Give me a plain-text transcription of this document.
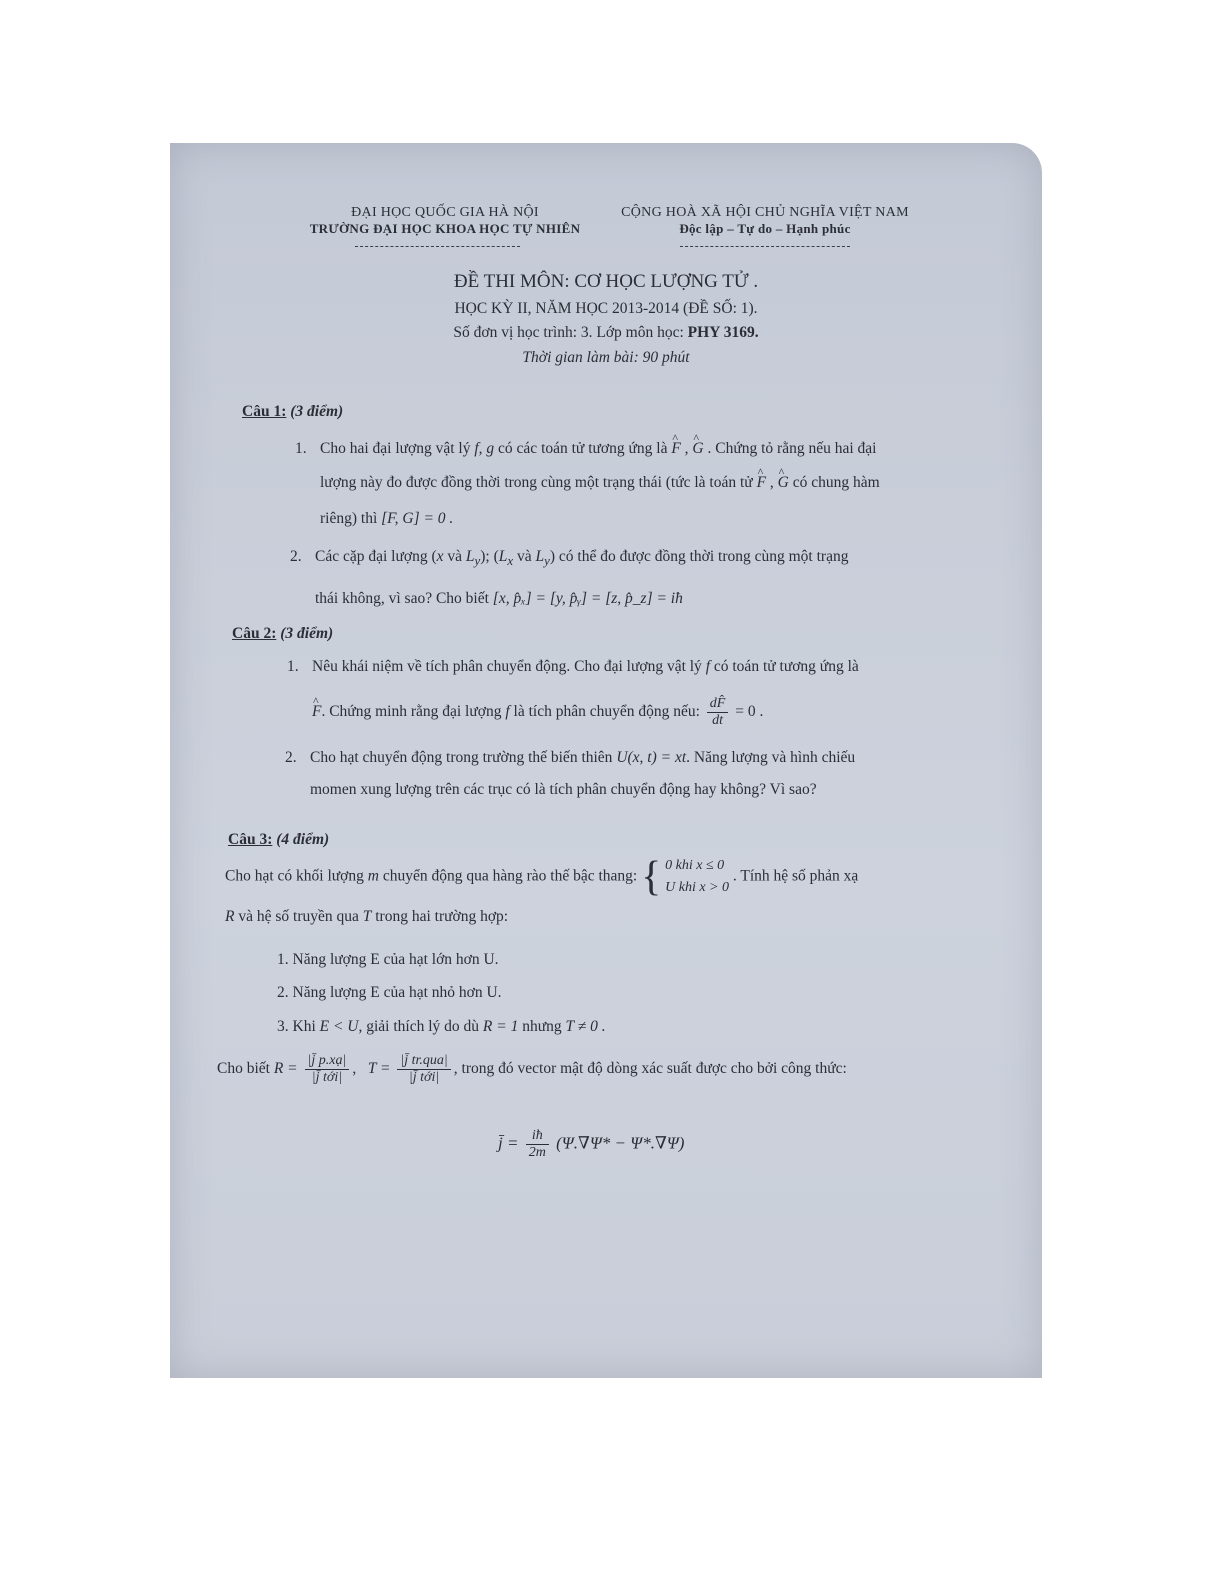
ĐẠI HỌC QUỐC GIA HÀ NỘI
TRƯỜNG ĐẠI HỌC KHOA HỌC TỰ NHIÊN
CỘNG HOÀ XÃ HỘI CHỦ NGHĨA VIỆT NAM
Độc lập – Tự do – Hạnh phúc
ĐỀ THI MÔN: CƠ HỌC LƯỢNG TỬ .
HỌC KỲ II, NĂM HỌC 2013-2014 (ĐỀ SỐ: 1).
Số đơn vị học trình: 3. Lớp môn học: PHY 3169.
Thời gian làm bài: 90 phút
Câu 1: (3 điểm)
1. Cho hai đại lượng vật lý f, g có các toán tử tương ứng là ^ F , ^ G . Chứng tỏ rằng nếu hai đại
lượng này đo được đồng thời trong cùng một trạng thái (tức là toán tử ^ F , ^ G có chung hàm
riêng) thì [F, G] = 0 .
2. Các cặp đại lượng (x và $L_y$); ($L_x$ và $L_y$) có thể đo được đồng thời trong cùng một trạng
thái không, vì sao? Cho biết [x, p̂ₓ] = [y, p̂ᵧ] = [z, p̂_z] = iħ
Câu 2: (3 điểm)
1. Nêu khái niệm về tích phân chuyển động. Cho đại lượng vật lý f có toán tử tương ứng là
^ F. Chứng minh rằng đại lượng f là tích phân chuyển động nếu: $\frac{dF̂}{dt} = 0$ .
2. Cho hạt chuyển động trong trường thế biến thiên U(x, t) = xt. Năng lượng và hình chiếu
momen xung lượng trên các trục có là tích phân chuyển động hay không? Vì sao?
Câu 3: (4 điểm)
Cho hạt có khối lượng m chuyển động qua hàng rào thế bậc thang: { 0 khi x ≤ 0
U khi x > 0
. Tính hệ số phản xạ
R và hệ số truyền qua T trong hai trường hợp:
1. Năng lượng E của hạt lớn hơn U.
2. Năng lượng E của hạt nhỏ hơn U.
3. Khi E < U, giải thích lý do dù R = 1 nhưng T ≠ 0 .
Cho biết $R = \frac{\text{|j̄ p.xạ|}}{\text{|j̄ tới|}}$ ,   $T = \frac{\text{|j̄ tr.qua|}}{\text{|j̄ tới|}}$ , trong đó vector mật độ dòng xác suất được cho bởi công thức:
j̄ = $\frac{iħ}{2m} (\Psi.\nabla\Psi* - \Psi*.\nabla\Psi)$
